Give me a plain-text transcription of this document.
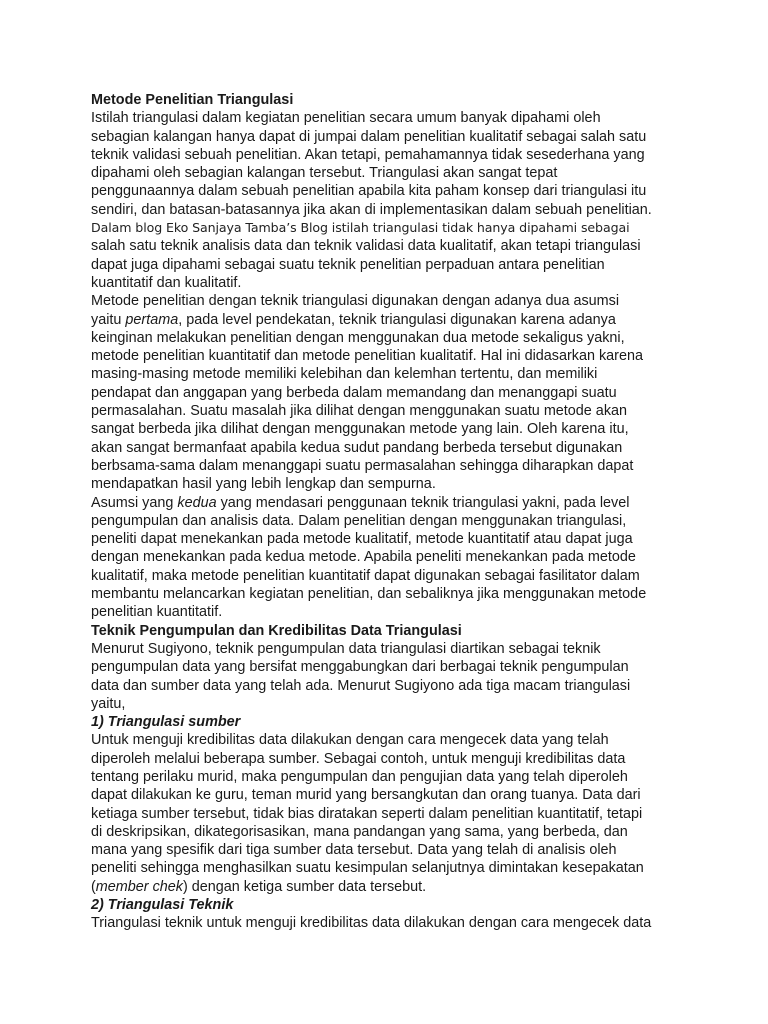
Metode Penelitian Triangulasi

Istilah triangulasi dalam kegiatan penelitian secara umum banyak dipahami oleh
sebagian kalangan hanya dapat di jumpai dalam penelitian kualitatif sebagai salah satu
teknik validasi sebuah penelitian. Akan tetapi, pemahamannya tidak sesederhana yang
dipahami oleh sebagian kalangan tersebut. Triangulasi akan sangat tepat
penggunaannya dalam sebuah penelitian apabila kita paham konsep dari triangulasi itu
sendiri, dan batasan-batasannya jika akan di implementasikan dalam sebuah penelitian.
Dalam blog Eko Sanjaya Tamba’s Blog istilah triangulasi tidak hanya dipahami sebagai
salah satu teknik analisis data dan teknik validasi data kualitatif, akan tetapi triangulasi
dapat juga dipahami sebagai suatu teknik penelitian perpaduan antara penelitian
kuantitatif dan kualitatif.

Metode penelitian dengan teknik triangulasi digunakan dengan adanya dua asumsi
yaitu pertama, pada level pendekatan, teknik triangulasi digunakan karena adanya
keinginan melakukan penelitian dengan menggunakan dua metode sekaligus yakni,
metode penelitian kuantitatif dan metode penelitian kualitatif. Hal ini didasarkan karena
masing-masing metode memiliki kelebihan dan kelemhan tertentu, dan memiliki
pendapat dan anggapan yang berbeda dalam memandang dan menanggapi suatu
permasalahan. Suatu masalah jika dilihat dengan menggunakan suatu metode akan
sangat berbeda jika dilihat dengan menggunakan metode yang lain. Oleh karena itu,
akan sangat bermanfaat apabila kedua sudut pandang berbeda tersebut digunakan
berbsama-sama dalam menanggapi suatu permasalahan sehingga diharapkan dapat
mendapatkan hasil yang lebih lengkap dan sempurna.

Asumsi yang kedua yang mendasari penggunaan teknik triangulasi yakni, pada level
pengumpulan dan analisis data. Dalam penelitian dengan menggunakan triangulasi,
peneliti dapat menekankan pada metode kualitatif, metode kuantitatif atau dapat juga
dengan menekankan pada kedua metode. Apabila peneliti menekankan pada metode
kualitatif, maka metode penelitian kuantitatif dapat digunakan sebagai fasilitator dalam
membantu melancarkan kegiatan penelitian, dan sebaliknya jika menggunakan metode
penelitian kuantitatif.

Teknik Pengumpulan dan Kredibilitas Data Triangulasi

Menurut Sugiyono, teknik pengumpulan data triangulasi diartikan sebagai teknik
pengumpulan data yang bersifat menggabungkan dari berbagai teknik pengumpulan
data dan sumber data yang telah ada. Menurut Sugiyono ada tiga macam triangulasi
yaitu,

1) Triangulasi sumber

Untuk menguji kredibilitas data dilakukan dengan cara mengecek data yang telah
diperoleh melalui beberapa sumber. Sebagai contoh, untuk menguji kredibilitas data
tentang perilaku murid, maka pengumpulan dan pengujian data yang telah diperoleh
dapat dilakukan ke guru, teman murid yang bersangkutan dan orang tuanya. Data dari
ketiaga sumber tersebut, tidak bias diratakan seperti dalam penelitian kuantitatif, tetapi
di deskripsikan, dikategorisasikan, mana pandangan yang sama, yang berbeda, dan
mana yang spesifik dari tiga sumber data tersebut. Data yang telah di analisis oleh
peneliti sehingga menghasilkan suatu kesimpulan selanjutnya dimintakan kesepakatan
(member chek) dengan ketiga sumber data tersebut.

2) Triangulasi Teknik

Triangulasi teknik untuk menguji kredibilitas data dilakukan dengan cara mengecek data
